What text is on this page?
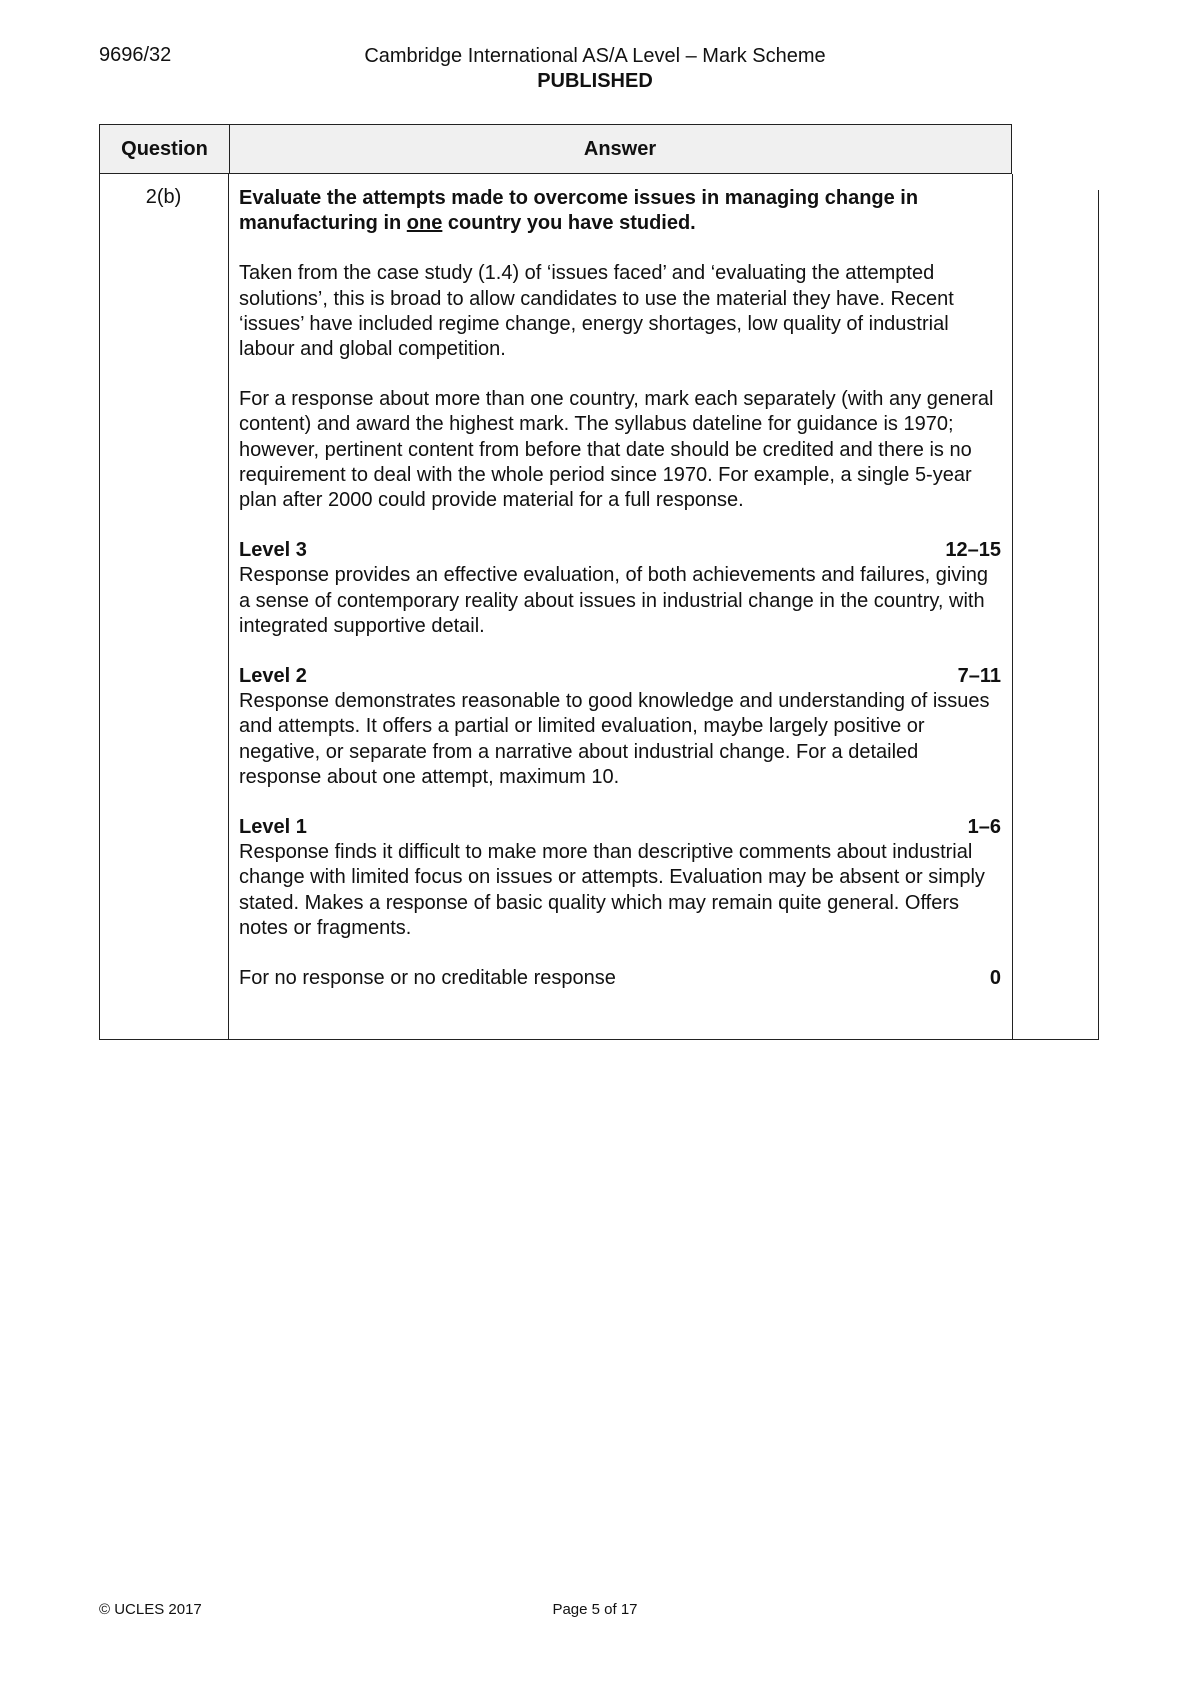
9696/32	Cambridge International AS/A Level – Mark Scheme
PUBLISHED
Question	Answer
2(b)	Evaluate the attempts made to overcome issues in managing change in manufacturing in one country you have studied.

Taken from the case study (1.4) of ‘issues faced’ and ‘evaluating the attempted solutions’, this is broad to allow candidates to use the material they have. Recent ‘issues’ have included regime change, energy shortages, low quality of industrial labour and global competition.

For a response about more than one country, mark each separately (with any general content) and award the highest mark. The syllabus dateline for guidance is 1970; however, pertinent content from before that date should be credited and there is no requirement to deal with the whole period since 1970. For example, a single 5-year plan after 2000 could provide material for a full response.

Level 3	12–15
Response provides an effective evaluation, of both achievements and failures, giving a sense of contemporary reality about issues in industrial change in the country, with integrated supportive detail.
Level 2	7–11
Response demonstrates reasonable to good knowledge and understanding of issues and attempts. It offers a partial or limited evaluation, maybe largely positive or negative, or separate from a narrative about industrial change. For a detailed response about one attempt, maximum 10.
Level 1	1–6
Response finds it difficult to make more than descriptive comments about industrial change with limited focus on issues or attempts. Evaluation may be absent or simply stated. Makes a response of basic quality which may remain quite general. Offers notes or fragments.
For no response or no creditable response	0
© UCLES 2017	Page 5 of 17
